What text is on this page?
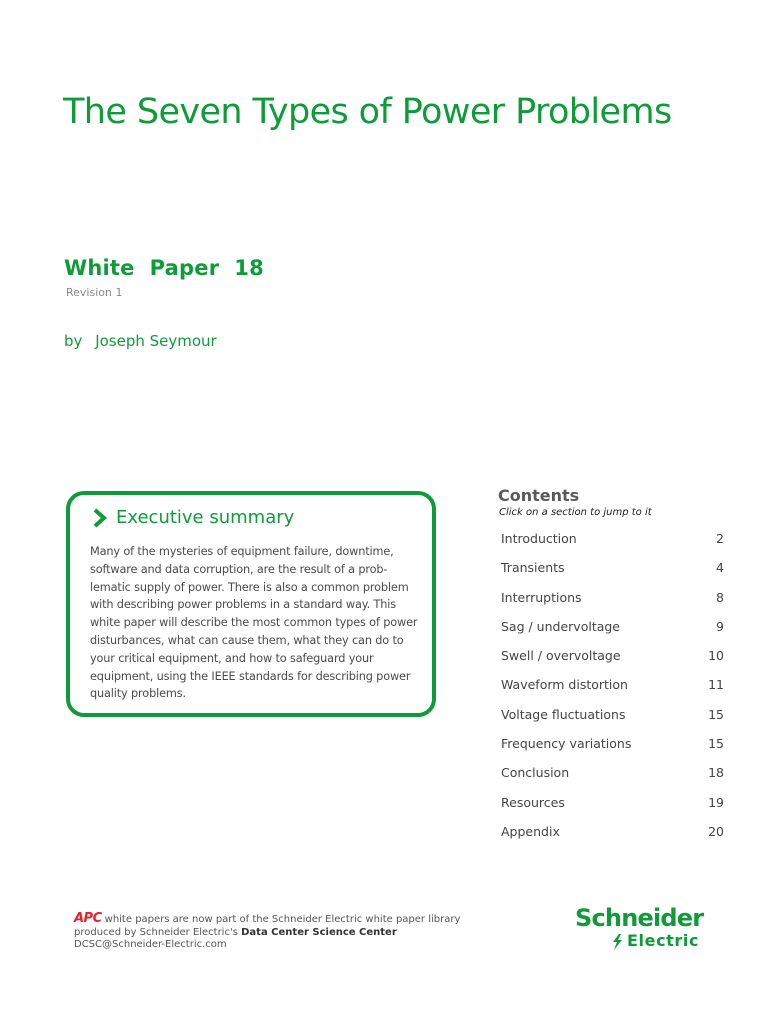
The Seven Types of Power Problems
White  Paper  18
Revision 1
by Joseph Seymour
Executive summary

Many of the mysteries of equipment failure, downtime, software and data corruption, are the result of a prob-lematic supply of power. There is also a common problem with describing power problems in a standard way. This white paper will describe the most common types of power disturbances, what can cause them, what they can do to your critical equipment, and how to safeguard your equipment, using the IEEE standards for describing power quality problems.

Contents
Click on a section to jump to it
Introduction	2
Transients	4
Interruptions	8
Sag / undervoltage	9
Swell / overvoltage	10
Waveform distortion	11
Voltage fluctuations	15
Frequency variations	15
Conclusion	18
Resources	19
Appendix	20
APC white papers are now part of the Schneider Electric white paper library
produced by Schneider Electric's Data Center Science Center
DCSC@Schneider-Electric.com
Schneider
Electric
